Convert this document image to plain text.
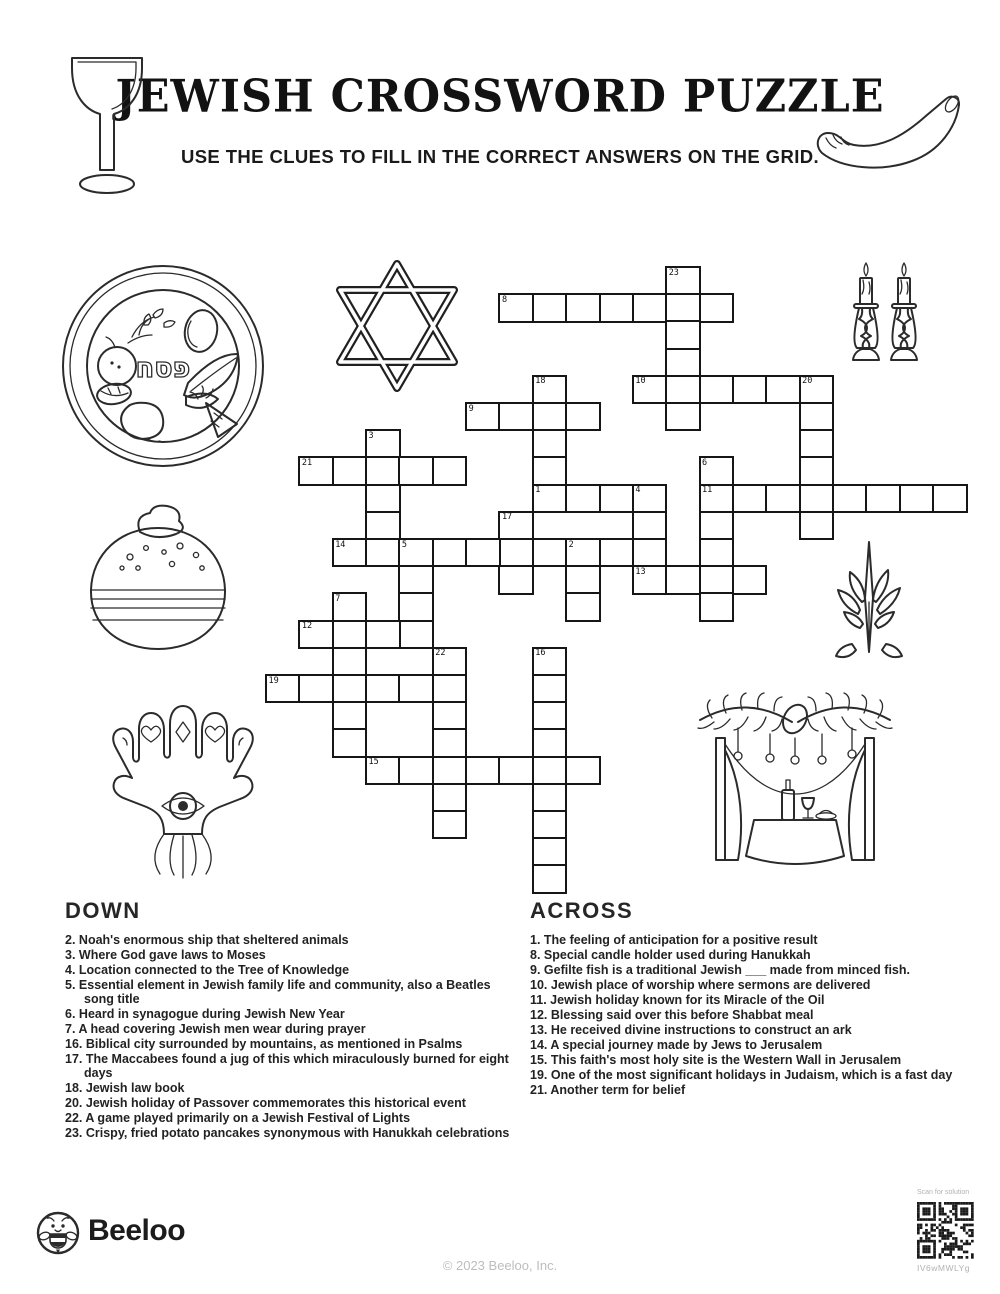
JEWISH CROSSWORD PUZZLE
USE THE CLUES TO FILL IN THE CORRECT ANSWERS ON THE GRID.
פסח
23
8
18
1
10	20
9
3
21	6
11
4
13
17
14	5	2
7
12
22	16
19
15
DOWN
2. Noah's enormous ship that sheltered animals
3. Where God gave laws to Moses
4. Location connected to the Tree of Knowledge
5. Essential element in Jewish family life and community, also a Beatles song title
6. Heard in synagogue during Jewish New Year
7. A head covering Jewish men wear during prayer
16. Biblical city surrounded by mountains, as mentioned in Psalms
17. The Maccabees found a jug of this which miraculously burned for eight days
18. Jewish law book
20. Jewish holiday of Passover commemorates this historical event
22. A game played primarily on a Jewish Festival of Lights
23. Crispy, fried potato pancakes synonymous with Hanukkah celebrations
ACROSS
1. The feeling of anticipation for a positive result
8. Special candle holder used during Hanukkah
9. Gefilte fish is a traditional Jewish ___ made from minced fish.
10. Jewish place of worship where sermons are delivered
11. Jewish holiday known for its Miracle of the Oil
12. Blessing said over this before Shabbat meal
13. He received divine instructions to construct an ark
14. A special journey made by Jews to Jerusalem
15. This faith's most holy site is the Western Wall in Jerusalem
19. One of the most significant holidays in Judaism, which is a fast day
21. Another term for belief
Beeloo
© 2023 Beeloo, Inc.
Scan for solution
IV6wMWLYg
